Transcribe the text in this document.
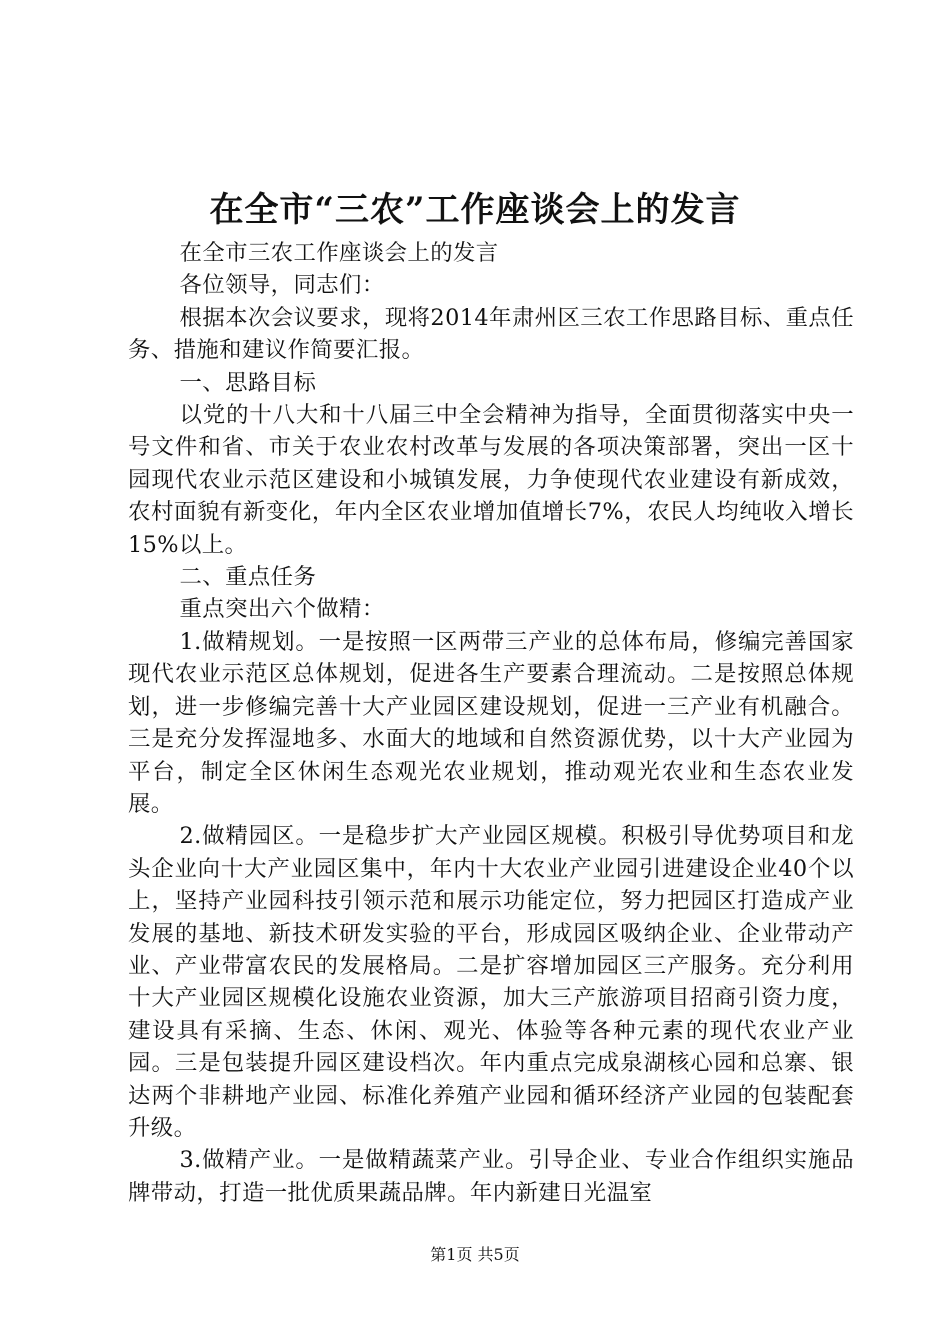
在全市“三农”工作座谈会上的发言

在全市三农工作座谈会上的发言

各位领导，同志们：

根据本次会议要求，现将2014年肃州区三农工作思路目标、重点任务、措施和建议作简要汇报。

一、思路目标

以党的十八大和十八届三中全会精神为指导，全面贯彻落实中央一号文件和省、市关于农业农村改革与发展的各项决策部署，突出一区十园现代农业示范区建设和小城镇发展，力争使现代农业建设有新成效，农村面貌有新变化，年内全区农业增加值增长7%，农民人均纯收入增长15%以上。

二、重点任务

重点突出六个做精：

1.做精规划。一是按照一区两带三产业的总体布局，修编完善国家现代农业示范区总体规划，促进各生产要素合理流动。二是按照总体规划，进一步修编完善十大产业园区建设规划，促进一三产业有机融合。三是充分发挥湿地多、水面大的地域和自然资源优势，以十大产业园为平台，制定全区休闲生态观光农业规划，推动观光农业和生态农业发展。

2.做精园区。一是稳步扩大产业园区规模。积极引导优势项目和龙头企业向十大产业园区集中，年内十大农业产业园引进建设企业40个以上，坚持产业园科技引领示范和展示功能定位，努力把园区打造成产业发展的基地、新技术研发实验的平台，形成园区吸纳企业、企业带动产业、产业带富农民的发展格局。二是扩容增加园区三产服务。充分利用十大产业园区规模化设施农业资源，加大三产旅游项目招商引资力度，建设具有采摘、生态、休闲、观光、体验等各种元素的现代农业产业园。三是包装提升园区建设档次。年内重点完成泉湖核心园和总寨、银达两个非耕地产业园、标准化养殖产业园和循环经济产业园的包装配套升级。

3.做精产业。一是做精蔬菜产业。引导企业、专业合作组织实施品牌带动，打造一批优质果蔬品牌。年内新建日光温室

第1页 共5页
